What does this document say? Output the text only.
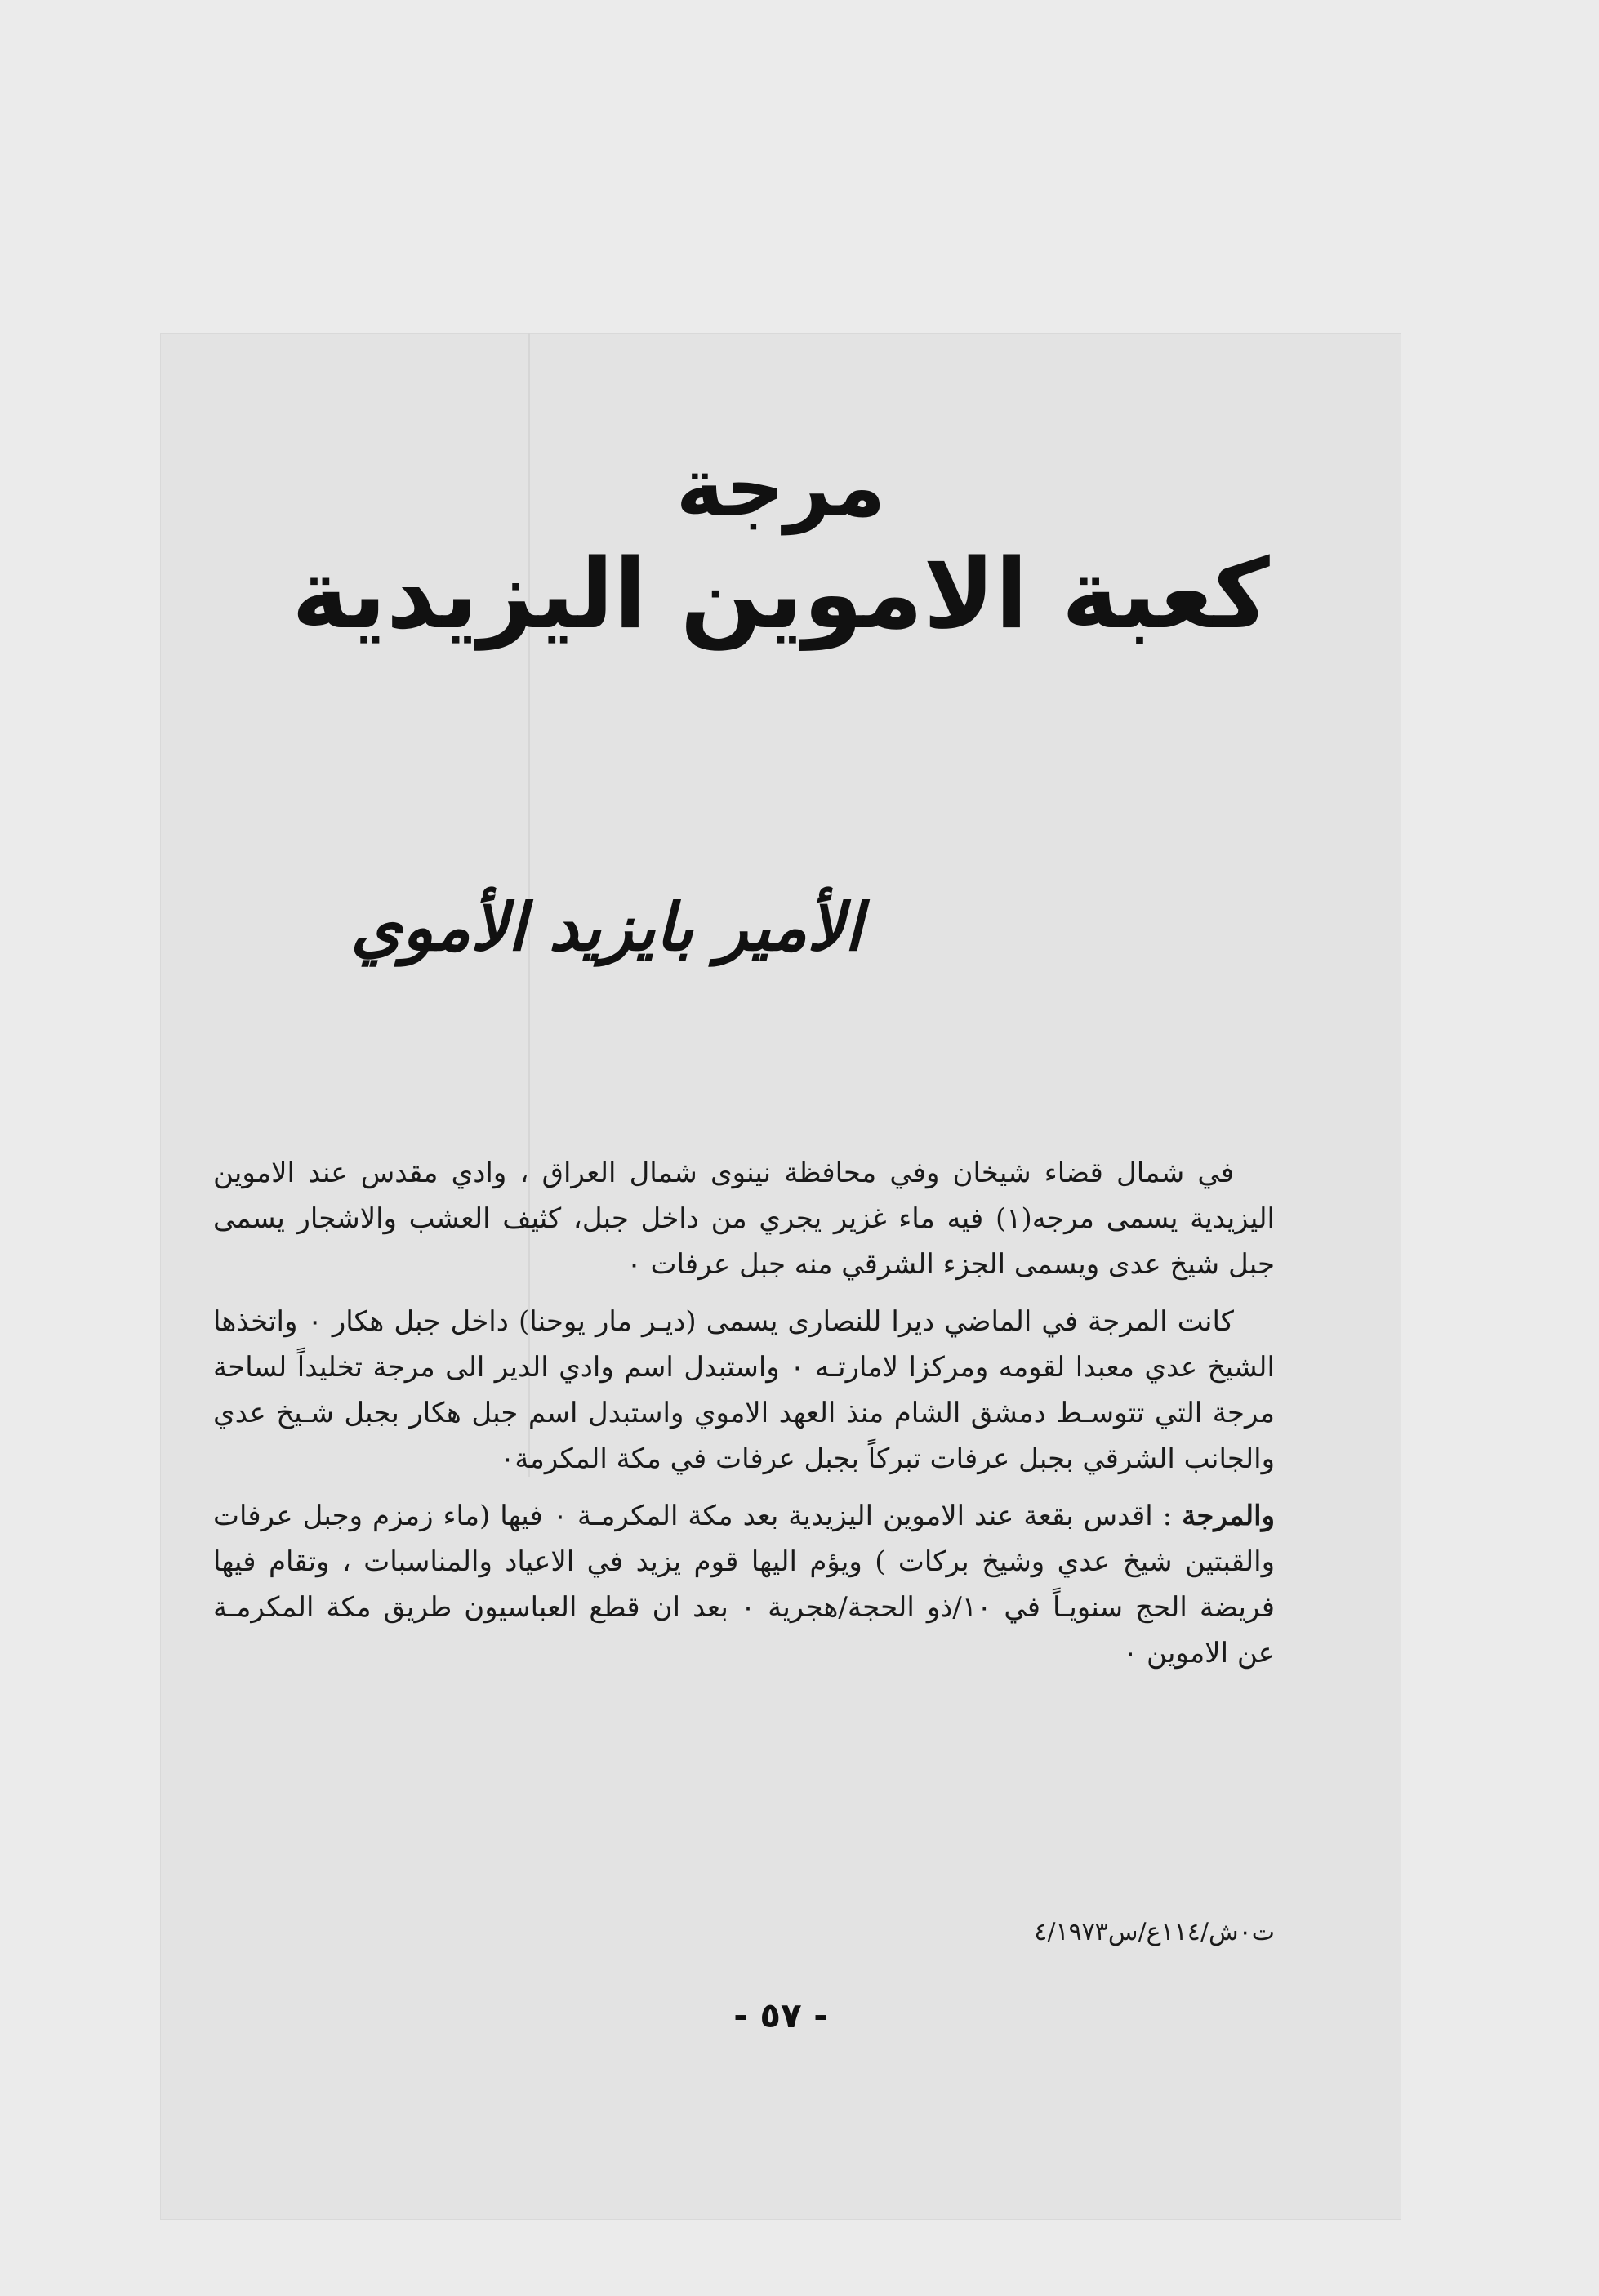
مرجة
كعبة الاموين اليزيدية
الأمير بايزيد الأموي

في شمال قضاء شيخان وفي محافظة نينوى شمال العراق ، وادي مقدس عند الاموين اليزيدية يسمى مرجه(١) فيه ماء غزير يجري من داخل جبل، كثيف العشب والاشجار يسمى جبل شيخ عدى ويسمى الجزء الشرقي منه جبل عرفات ٠

كانت المرجة في الماضي ديرا للنصارى يسمى (ديـر مار يوحنا) داخل جبل هكار ٠ واتخذها الشيخ عدي معبدا لقومه ومركزا لامارتـه ٠ واستبدل اسم وادي الدير الى مرجة تخليداً لساحة مرجة التي تتوسـط دمشق الشام منذ العهد الاموي واستبدل اسم جبل هكار بجبل شـيخ عدي والجانب الشرقي بجبل عرفات تبركاً بجبل عرفات في مكة المكرمة٠

والمرجة : اقدس بقعة عند الاموين اليزيدية بعد مكة المكرمـة ٠ فيها (ماء زمزم وجبل عرفات والقبتين شيخ عدي وشيخ بركات ) ويؤم اليها قوم يزيد في الاعياد والمناسبات ، وتقام فيها فريضة الحج سنويـاً في ١٠/ذو الحجة/هجرية ٠ بعد ان قطع العباسيون طريق مكة المكرمـة عن الاموين ٠

ت٠ش/١١٤ع/س٤/١٩٧٣
- ٥٧ -
